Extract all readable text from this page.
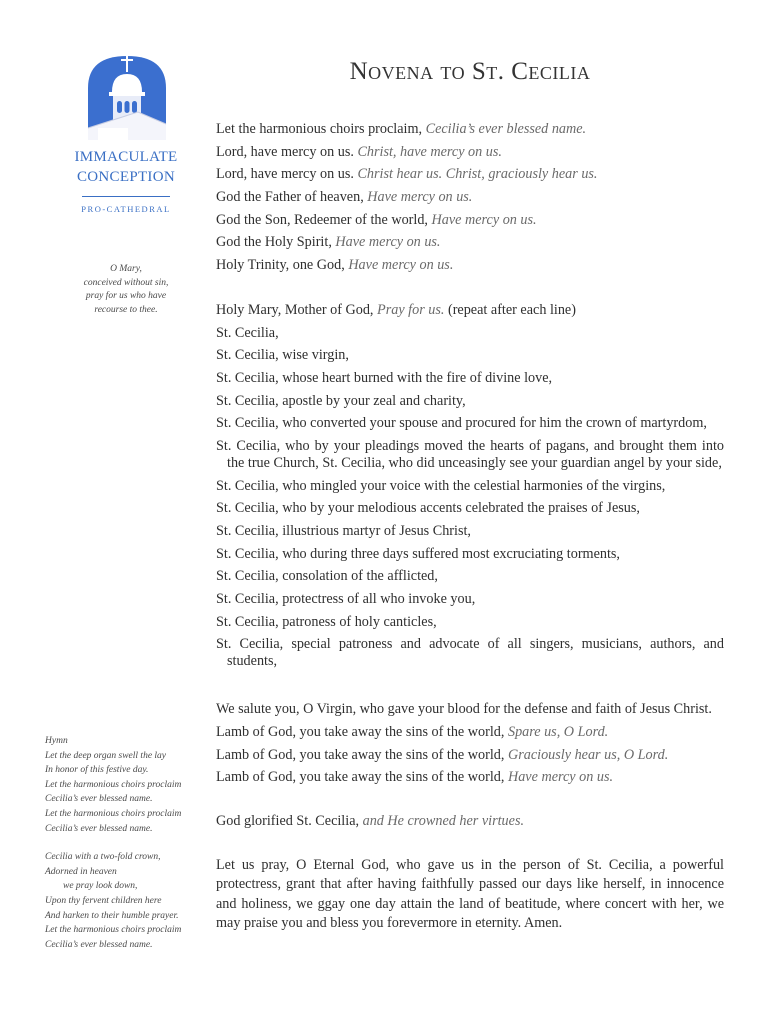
IMMACULATE
CONCEPTION
PRO-CATHEDRAL
O Mary,
conceived without sin,
pray for us who have
recourse to thee.
Hymn
Let the deep organ swell the lay
In honor of this festive day.
Let the harmonious choirs proclaim
Cecilia’s ever blessed name.
Let the harmonious choirs proclaim
Cecilia’s ever blessed name.
Cecilia with a two-fold crown,
Adorned in heaven
we pray look down,
Upon thy fervent children here
And harken to their humble prayer.
Let the harmonious choirs proclaim
Cecilia’s ever blessed name.
Novena to St. Cecilia
Let the harmonious choirs proclaim, Cecilia’s ever blessed name.
Lord, have mercy on us. Christ, have mercy on us.
Lord, have mercy on us. Christ hear us. Christ, graciously hear us.
God the Father of heaven, Have mercy on us.
God the Son, Redeemer of the world, Have mercy on us.
God the Holy Spirit, Have mercy on us.
Holy Trinity, one God, Have mercy on us.
Holy Mary, Mother of God, Pray for us. (repeat after each line)
St. Cecilia,
St. Cecilia, wise virgin,
St. Cecilia, whose heart burned with the fire of divine love,
St. Cecilia, apostle by your zeal and charity,
St. Cecilia, who converted your spouse and procured for him the crown of martyrdom,
St. Cecilia, who by your pleadings moved the hearts of pagans, and brought them into the true Church, St. Cecilia, who did unceasingly see your guardian angel by your side,
St. Cecilia, who mingled your voice with the celestial harmonies of the virgins,
St. Cecilia, who by your melodious accents celebrated the praises of Jesus,
St. Cecilia, illustrious martyr of Jesus Christ,
St. Cecilia, who during three days suffered most excruciating torments,
St. Cecilia, consolation of the afflicted,
St. Cecilia, protectress of all who invoke you,
St. Cecilia, patroness of holy canticles,
St. Cecilia, special patroness and advocate of all singers, musicians, authors, and students,
We salute you, O Virgin, who gave your blood for the defense and faith of Jesus Christ.
Lamb of God, you take away the sins of the world, Spare us, O Lord.
Lamb of God, you take away the sins of the world, Graciously hear us, O Lord.
Lamb of God, you take away the sins of the world, Have mercy on us.
God glorified St. Cecilia, and He crowned her virtues.
Let us pray, O Eternal God, who gave us in the person of St. Cecilia, a powerful protectress, grant that after having faithfully passed our days like herself, in innocence and holiness, we ggay one day attain the land of beatitude, where concert with her, we may praise you and bless you forevermore in eternity. Amen.
